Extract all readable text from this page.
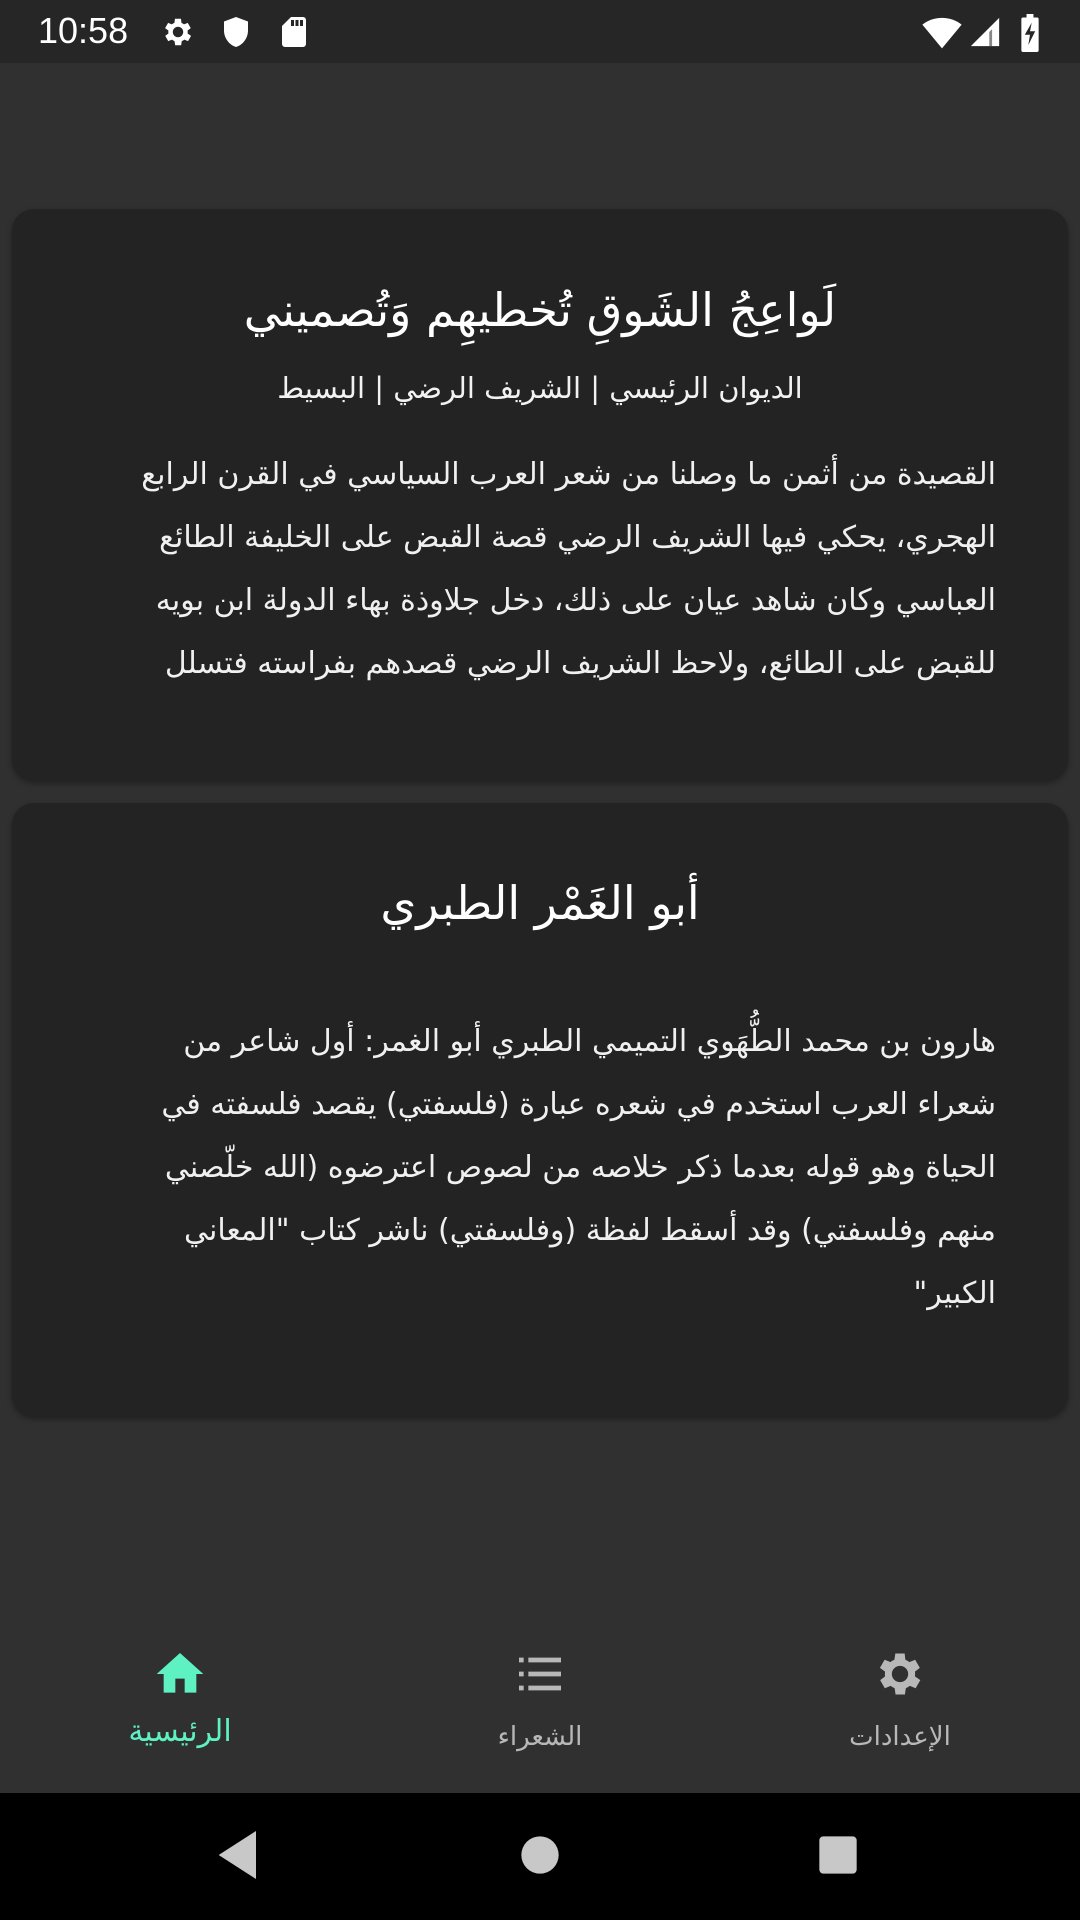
10:58
لَواعِجُ الشَوقِ تُخطيهِم وَتُصميني
الديوان الرئيسي | الشريف الرضي | البسيط
القصيدة من أثمن ما وصلنا من شعر العرب السياسي في القرن الرابع الهجري، يحكي فيها الشريف الرضي قصة القبض على الخليفة الطائع العباسي وكان شاهد عيان على ذلك، دخل جلاوذة بهاء الدولة ابن بويه للقبض على الطائع، ولاحظ الشريف الرضي قصدهم بفراسته فتسلل
أبو الغَمْر الطبري
هارون بن محمد الطُّهَوي التميمي الطبري أبو الغمر: أول شاعر من شعراء العرب استخدم في شعره عبارة (فلسفتي) يقصد فلسفته في الحياة وهو قوله بعدما ذكر خلاصه من لصوص اعترضوه (الله خلّصني منهم وفلسفتي) وقد أسقط لفظة (وفلسفتي) ناشر كتاب "المعاني الكبير"
الرئيسية	الشعراء	الإعدادات
